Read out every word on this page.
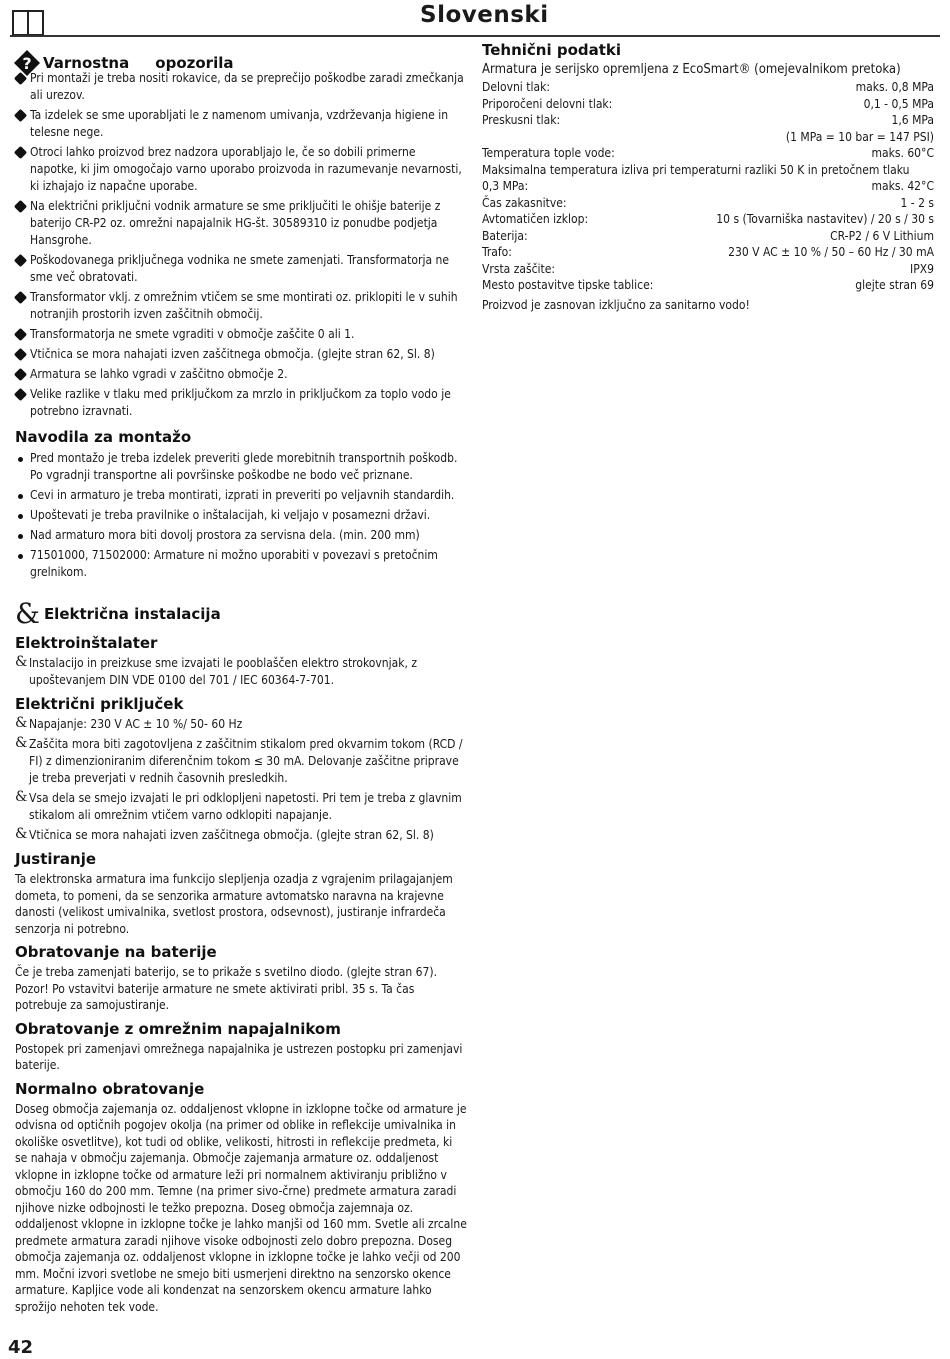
Slovenski
? Varnostna     opozorila
Pri montaži je treba nositi rokavice, da se preprečijo poškodbe zaradi zmečkanja ali urezov.
Ta izdelek se sme uporabljati le z namenom umivanja, vzdrževanja higiene in telesne nege.
Otroci lahko proizvod brez nadzora uporabljajo le, če so dobili primerne napotke, ki jim omogočajo varno uporabo proizvoda in razumevanje nevarnosti, ki izhajajo iz napačne uporabe.
Na električni priključni vodnik armature se sme priključiti le ohišje baterije z baterijo CR-P2 oz. omrežni napajalnik HG-št. 30589310 iz ponudbe podjetja Hansgrohe.
Poškodovanega priključnega vodnika ne smete zamenjati. Transformatorja ne sme več obratovati.
Transformator vklj. z omrežnim vtičem se sme montirati oz. priklopiti le v suhih notranjih prostorih izven zaščitnih območij.
Transformatorja ne smete vgraditi v območje zaščite 0 ali 1.
Vtičnica se mora nahajati izven zaščitnega območja. (glejte stran 62, Sl. 8)
Armatura se lahko vgradi v zaščitno območje 2.
Velike razlike v tlaku med priključkom za mrzlo in priključkom za toplo vodo je potrebno izravnati.
Navodila za montažo
Pred montažo je treba izdelek preveriti glede morebitnih transportnih poškodb. Po vgradnji transportne ali površinske poškodbe ne bodo več priznane.
Cevi in armaturo je treba montirati, izprati in preveriti po veljavnih standardih.
Upoštevati je treba pravilnike o inštalacijah, ki veljajo v posamezni državi.
Nad armaturo mora biti dovolj prostora za servisna dela. (min. 200 mm)
71501000, 71502000: Armature ni možno uporabiti v povezavi s pretočnim grelnikom.
Tehnični podatki
Armatura je serijsko opremljena z EcoSmart® (omejevalnikom pretoka)
Delovni tlak:	maks. 0,8 MPa
Priporočeni delovni tlak:	0,1 - 0,5 MPa
Preskusni tlak:	1,6 MPa
(1 MPa = 10 bar = 147 PSI)
Temperatura tople vode:	maks. 60°C
Maksimalna temperatura izliva pri temperaturni razliki 50 K in pretočnem tlaku
0,3 MPa:	maks. 42°C
Čas zakasnitve:	1 - 2 s
Avtomatičen izklop:	10 s (Tovarniška nastavitev) / 20 s / 30 s
Baterija:	CR-P2 / 6 V Lithium
Trafo:	230 V AC ± 10 % / 50 – 60 Hz / 30 mA
Vrsta zaščite:	IPX9
Mesto postavitve tipske tablice:	glejte stran 69
Proizvod je zasnovan izključno za sanitarno vodo!
& Električna instalacija
Elektroinštalater
& Instalacijo in preizkuse sme izvajati le pooblaščen elektro strokovnjak, z upoštevanjem DIN VDE 0100 del 701 / IEC 60364-7-701.
Električni priključek
& Napajanje: 230 V AC ± 10 %/ 50- 60 Hz
& Zaščita mora biti zagotovljena z zaščitnim stikalom pred okvarnim tokom (RCD / FI) z dimenzioniranim diferenčnim tokom ≤ 30 mA. Delovanje zaščitne priprave je treba preverjati v rednih časovnih presledkih.
& Vsa dela se smejo izvajati le pri odklopljeni napetosti. Pri tem je treba z glavnim stikalom ali omrežnim vtičem varno odklopiti napajanje.
& Vtičnica se mora nahajati izven zaščitnega območja. (glejte stran 62, Sl. 8)
Justiranje

Ta elektronska armatura ima funkcijo slepljenja ozadja z vgrajenim prilagajanjem dometa, to pomeni, da se senzorika armature avtomatsko naravna na krajevne danosti (velikost umivalnika, svetlost prostora, odsevnost), justiranje infrardeča senzorja ni potrebno.

Obratovanje na baterije

Če je treba zamenjati baterijo, se to prikaže s svetilno diodo. (glejte stran 67). Pozor! Po vstavitvi baterije armature ne smete aktivirati pribl. 35 s. Ta čas potrebuje za samojustiranje.

Obratovanje z omrežnim napajalnikom

Postopek pri zamenjavi omrežnega napajalnika je ustrezen postopku pri zamenjavi baterije.

Normalno obratovanje

Doseg območja zajemanja oz. oddaljenost vklopne in izklopne točke od armature je odvisna od optičnih pogojev okolja (na primer od oblike in reflekcije umivalnika in okoliške osvetlitve), kot tudi od oblike, velikosti, hitrosti in reflekcije predmeta, ki se nahaja v območju zajemanja. Območje zajemanja armature oz. oddaljenost vklopne in izklopne točke od armature leži pri normalnem aktiviranju približno v območju 160 do 200 mm. Temne (na primer sivo-črne) predmete armatura zaradi njihove nizke odbojnosti le težko prepozna. Doseg območja zajemnaja oz. oddaljenost vklopne in izklopne točke je lahko manjši od 160 mm. Svetle ali zrcalne predmete armatura zaradi njihove visoke odbojnosti zelo dobro prepozna. Doseg območja zajemanja oz. oddaljenost vklopne in izklopne točke je lahko večji od 200 mm. Močni izvori svetlobe ne smejo biti usmerjeni direktno na senzorsko okence armature. Kapljice vode ali kondenzat na senzorskem okencu armature lahko sprožijo nehoten tek vode.

42
